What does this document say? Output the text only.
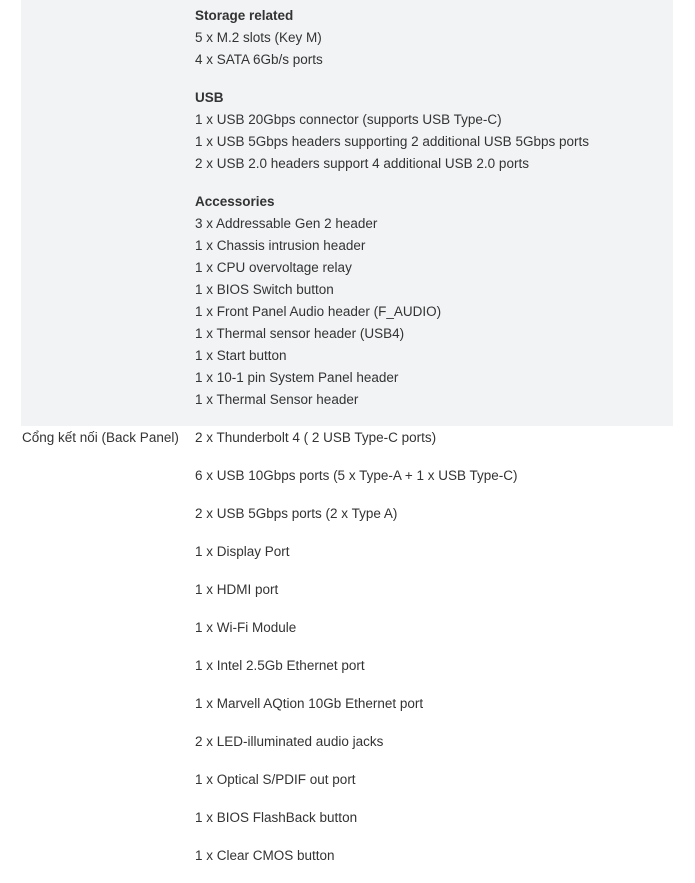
Storage related
5 x M.2 slots (Key M)
4 x SATA 6Gb/s ports
USB
1 x USB 20Gbps connector (supports USB Type-C)
1 x USB 5Gbps headers supporting 2 additional USB 5Gbps ports
2 x USB 2.0 headers support 4 additional USB 2.0 ports
Accessories
3 x Addressable Gen 2 header
1 x Chassis intrusion header
1 x CPU overvoltage relay
1 x BIOS Switch button
1 x Front Panel Audio header (F_AUDIO)
1 x Thermal sensor header (USB4)
1 x Start button
1 x 10-1 pin System Panel header
1 x Thermal Sensor header
Cổng kết nối (Back Panel) 2 x Thunderbolt 4 ( 2 USB Type-C ports)
6 x USB 10Gbps ports (5 x Type-A + 1 x USB Type-C)
2 x USB 5Gbps ports (2 x Type A)
1 x Display Port
1 x HDMI port
1 x Wi-Fi Module
1 x Intel 2.5Gb Ethernet port
1 x Marvell AQtion 10Gb Ethernet port
2 x LED-illuminated audio jacks
1 x Optical S/PDIF out port
1 x BIOS FlashBack button
1 x Clear CMOS button
